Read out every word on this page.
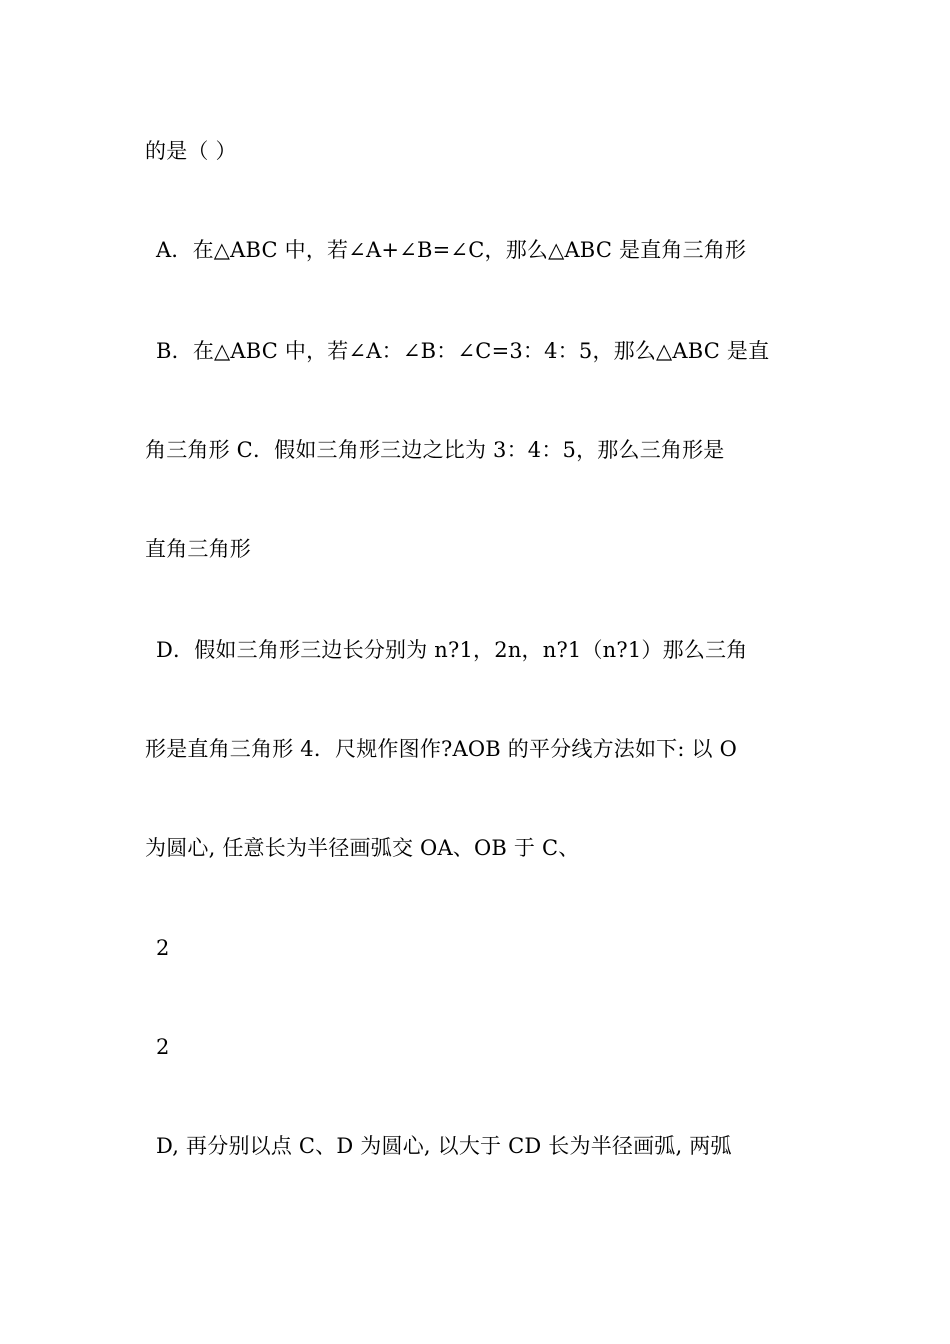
的是（ ）
A．在△ABC 中，若∠A+∠B=∠C，那么△ABC 是直角三角形
B．在△ABC 中，若∠A：∠B：∠C=3：4：5，那么△ABC 是直
角三角形 C．假如三角形三边之比为 3：4：5，那么三角形是
直角三角形
D．假如三角形三边长分别为 n?1，2n，n?1（n?1）那么三角
形是直角三角形 4．尺规作图作?AOB 的平分线方法如下: 以 O
为圆心, 任意长为半径画弧交 OA、OB 于 C、
2
2
D, 再分别以点 C、D 为圆心, 以大于 CD 长为半径画弧, 两弧
